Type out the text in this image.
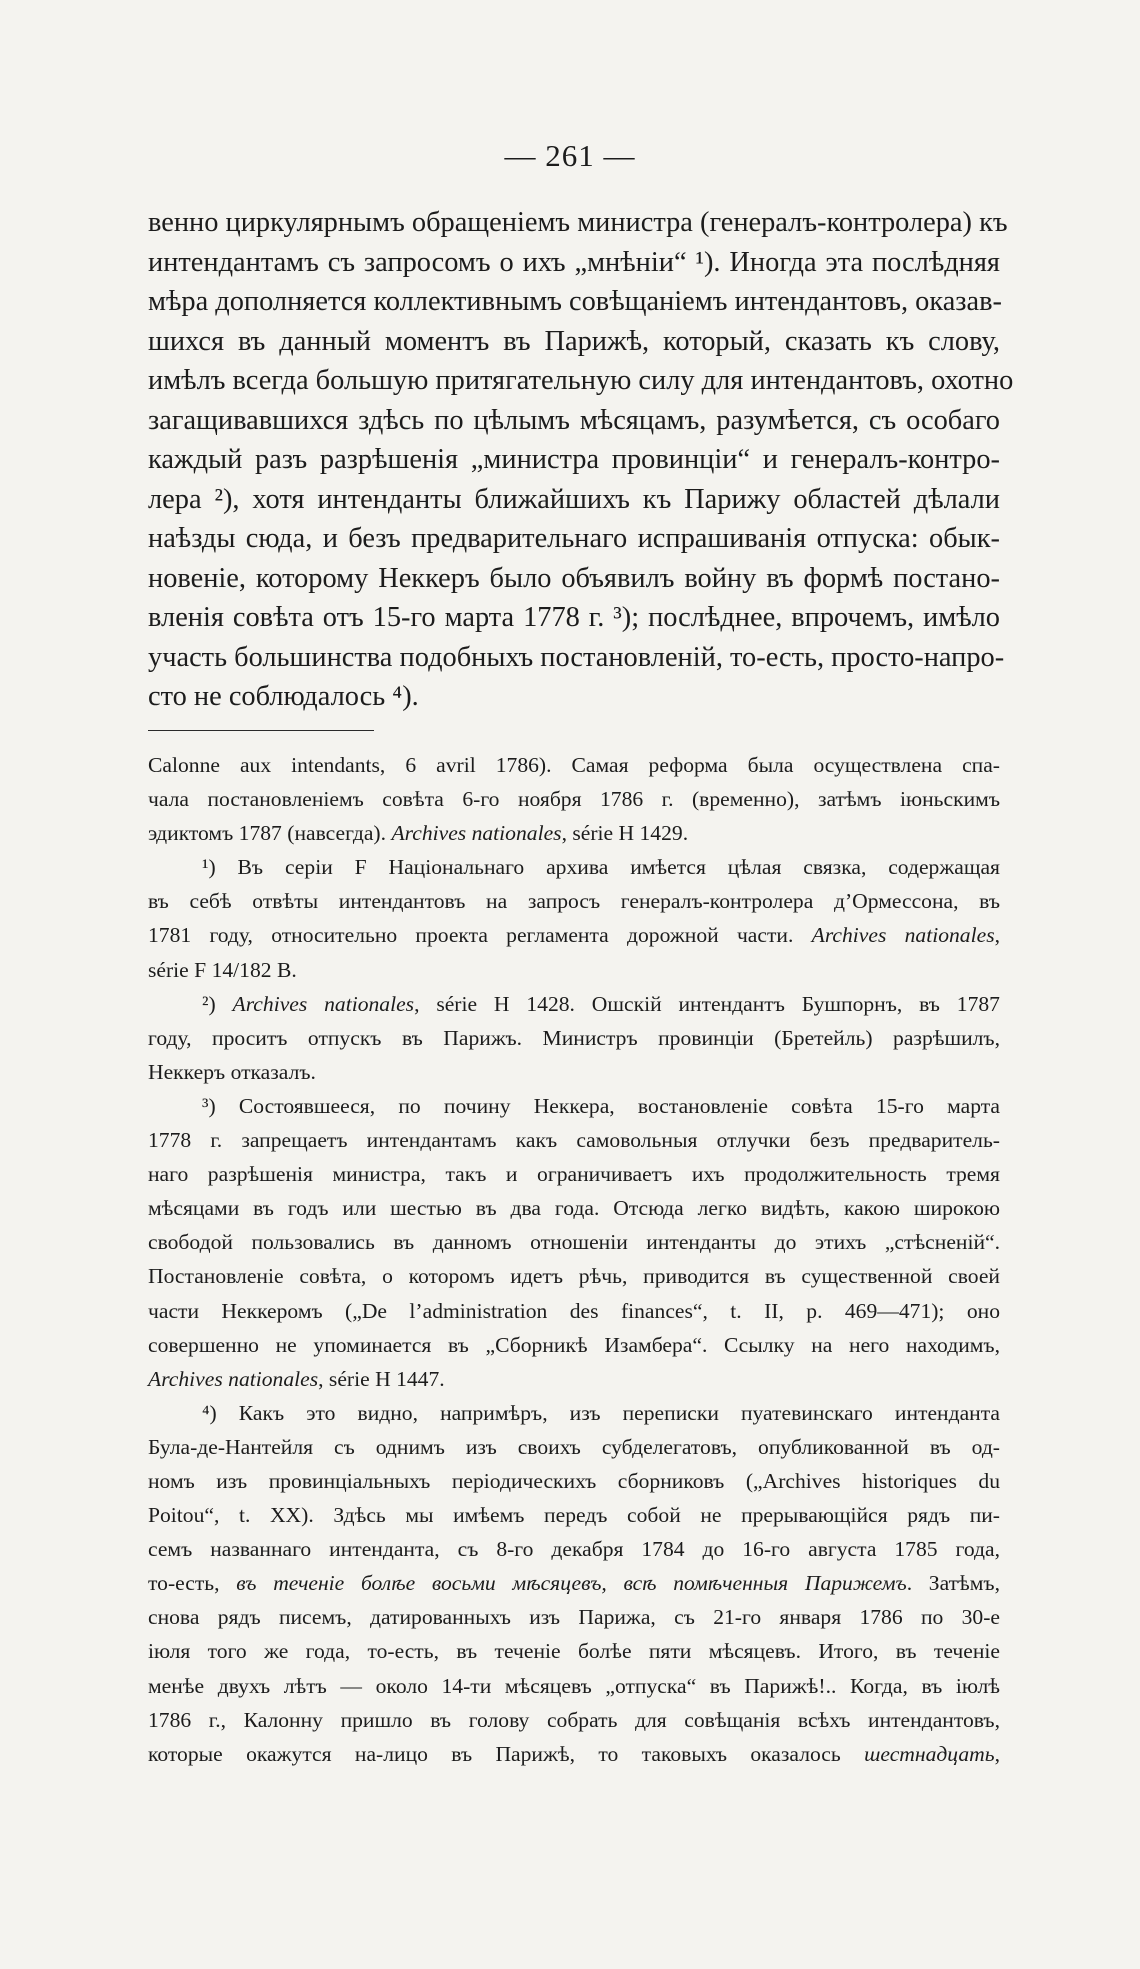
— 261 —
венно циркулярнымъ обращеніемъ министра (генералъ-контролера) къ
интендантамъ съ запросомъ о ихъ „мнѣніи“ ¹). Иногда эта послѣдняя
мѣра дополняется коллективнымъ совѣщаніемъ интендантовъ, оказав-
шихся въ данный моментъ въ Парижѣ, который, сказать къ слову,
имѣлъ всегда большую притягательную силу для интендантовъ, охотно
загащивавшихся здѣсь по цѣлымъ мѣсяцамъ, разумѣется, съ особаго
каждый разъ разрѣшенія „министра провинціи“ и генералъ-контро-
лера ²), хотя интенданты ближайшихъ къ Парижу областей дѣлали
наѣзды сюда, и безъ предварительнаго испрашиванія отпуска: обык-
новеніе, которому Неккеръ было объявилъ войну въ формѣ постано-
вленія совѣта отъ 15-го марта 1778 г. ³); послѣднее, впрочемъ, имѣло
участь большинства подобныхъ постановленій, то-есть, просто-напро-
сто не соблюдалось ⁴).
Calonne aux intendants, 6 avril 1786). Самая реформа была осуществлена спа-
чала постановленіемъ совѣта 6-го ноября 1786 г. (временно), затѣмъ іюньскимъ
эдиктомъ 1787 (навсегда). Archives nationales, série H 1429.
¹) Въ серіи F Національнаго архива имѣется цѣлая связка, содержащая
въ себѣ отвѣты интендантовъ на запросъ генералъ-контролера д’Ормессона, въ
1781 году, относительно проекта регламента дорожной части. Archives nationales,
série F 14/182 B.
²) Archives nationales, série H 1428. Ошскій интендантъ Бушпорнъ, въ 1787
году, проситъ отпускъ въ Парижъ. Министръ провинціи (Бретейль) разрѣшилъ,
Неккеръ отказалъ.
³) Состоявшееся, по почину Неккера, востановленіе совѣта 15-го марта
1778 г. запрещаетъ интендантамъ какъ самовольныя отлучки безъ предваритель-
наго разрѣшенія министра, такъ и ограничиваетъ ихъ продолжительность тремя
мѣсяцами въ годъ или шестью въ два года. Отсюда легко видѣть, какою широкою
свободой пользовались въ данномъ отношеніи интенданты до этихъ „стѣсненій“.
Постановленіе совѣта, о которомъ идетъ рѣчь, приводится въ существенной своей
части Неккеромъ („De l’administration des finances“, t. II, p. 469—471); оно
совершенно не упоминается въ „Сборникѣ Изамбера“. Ссылку на него находимъ,
Archives nationales, série H 1447.
⁴) Какъ это видно, напримѣръ, изъ переписки пуатевинскаго интенданта
Була-де-Нантейля съ однимъ изъ своихъ субделегатовъ, опубликованной въ од-
номъ изъ провинціальныхъ періодическихъ сборниковъ („Archives historiques du
Poitou“, t. XX). Здѣсь мы имѣемъ передъ собой не прерывающійся рядъ пи-
семъ названнаго интенданта, съ 8-го декабря 1784 до 16-го августа 1785 года,
то-есть, въ теченіе болѣе восьми мѣсяцевъ, всѣ помѣченныя Парижемъ. Затѣмъ,
снова рядъ писемъ, датированныхъ изъ Парижа, съ 21-го января 1786 по 30-е
іюля того же года, то-есть, въ теченіе болѣе пяти мѣсяцевъ. Итого, въ теченіе
менѣе двухъ лѣтъ — около 14-ти мѣсяцевъ „отпуска“ въ Парижѣ!.. Когда, въ іюлѣ
1786 г., Калонну пришло въ голову собрать для совѣщанія всѣхъ интендантовъ,
которые окажутся на-лицо въ Парижѣ, то таковыхъ оказалось шестнадцать,
